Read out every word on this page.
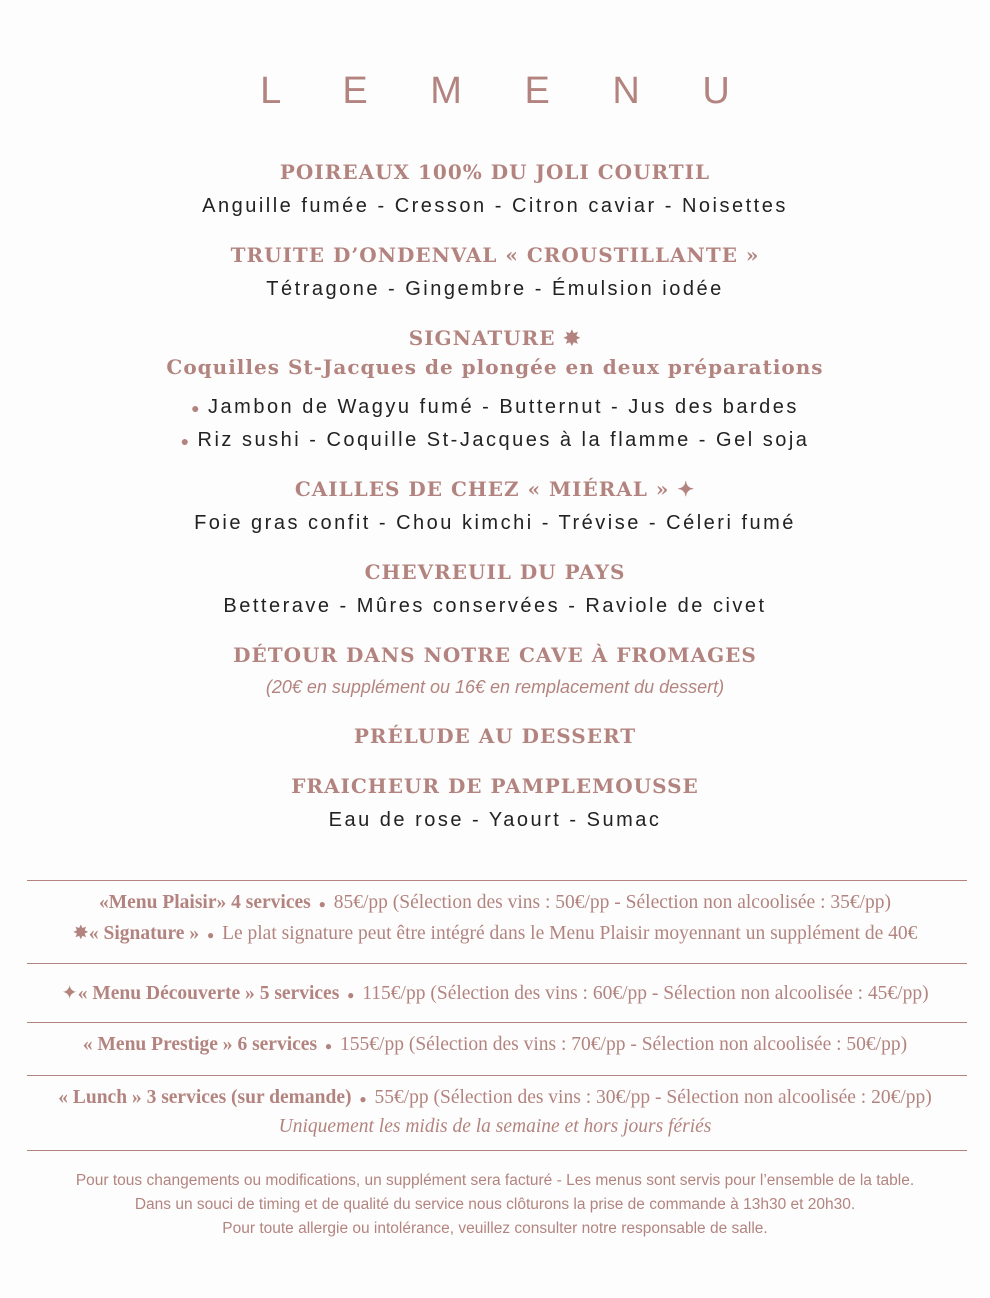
L E M E N U
POIREAUX 100% DU JOLI COURTIL
Anguille fumée - Cresson - Citron caviar - Noisettes
TRUITE D’ONDENVAL « CROUSTILLANTE »
Tétragone - Gingembre - Émulsion iodée
SIGNATURE ✸
Coquilles St-Jacques de plongée en deux préparations
● Jambon de Wagyu fumé - Butternut - Jus des bardes
● Riz sushi - Coquille St-Jacques à la flamme - Gel soja
CAILLES DE CHEZ « MIÉRAL » ✦
Foie gras confit - Chou kimchi - Trévise - Céleri fumé
CHEVREUIL DU PAYS
Betterave - Mûres conservées - Raviole de civet
DÉTOUR DANS NOTRE CAVE À FROMAGES
(20€ en supplément ou 16€ en remplacement du dessert)
PRÉLUDE AU DESSERT
FRAICHEUR DE PAMPLEMOUSSE
Eau de rose - Yaourt - Sumac
«Menu Plaisir» 4 services ● 85€/pp (Sélection des vins : 50€/pp - Sélection non alcoolisée : 35€/pp)
✸« Signature » ● Le plat signature peut être intégré dans le Menu Plaisir moyennant un supplément de 40€
✦« Menu Découverte » 5 services ● 115€/pp (Sélection des vins : 60€/pp - Sélection non alcoolisée : 45€/pp)
« Menu Prestige » 6 services ● 155€/pp (Sélection des vins : 70€/pp - Sélection non alcoolisée : 50€/pp)
« Lunch » 3 services (sur demande) ● 55€/pp (Sélection des vins : 30€/pp - Sélection non alcoolisée : 20€/pp)
Uniquement les midis de la semaine et hors jours fériés
Pour tous changements ou modifications, un supplément sera facturé - Les menus sont servis pour l’ensemble de la table.
Dans un souci de timing et de qualité du service nous clôturons la prise de commande à 13h30 et 20h30.
Pour toute allergie ou intolérance, veuillez consulter notre responsable de salle.
